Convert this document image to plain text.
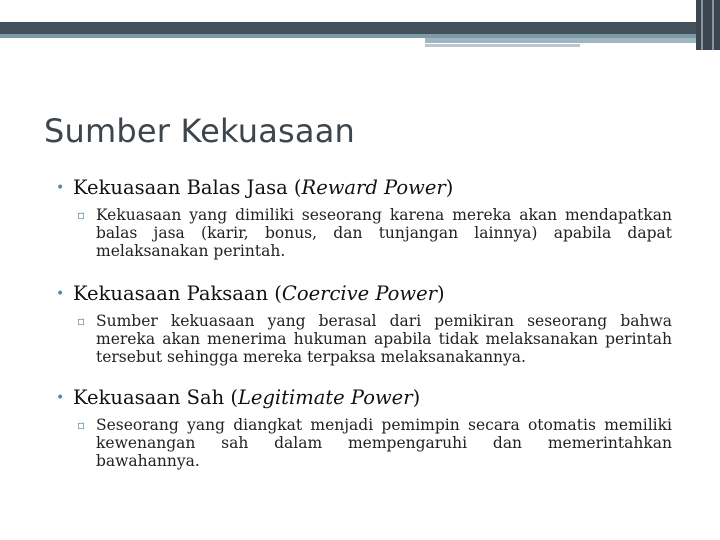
Sumber Kekuasaan
• Kekuasaan Balas Jasa (Reward Power)
▫ Kekuasaan yang dimiliki seseorang karena mereka akan mendapatkan balas jasa (karir, bonus, dan tunjangan lainnya) apabila dapat melaksanakan perintah.
• Kekuasaan Paksaan (Coercive Power)
▫ Sumber kekuasaan yang berasal dari pemikiran seseorang bahwa mereka akan menerima hukuman apabila tidak melaksanakan perintah tersebut sehingga mereka terpaksa melaksanakannya.
• Kekuasaan Sah (Legitimate Power)
▫ Seseorang yang diangkat menjadi pemimpin secara otomatis memiliki kewenangan sah dalam mempengaruhi dan memerintahkan bawahannya.
